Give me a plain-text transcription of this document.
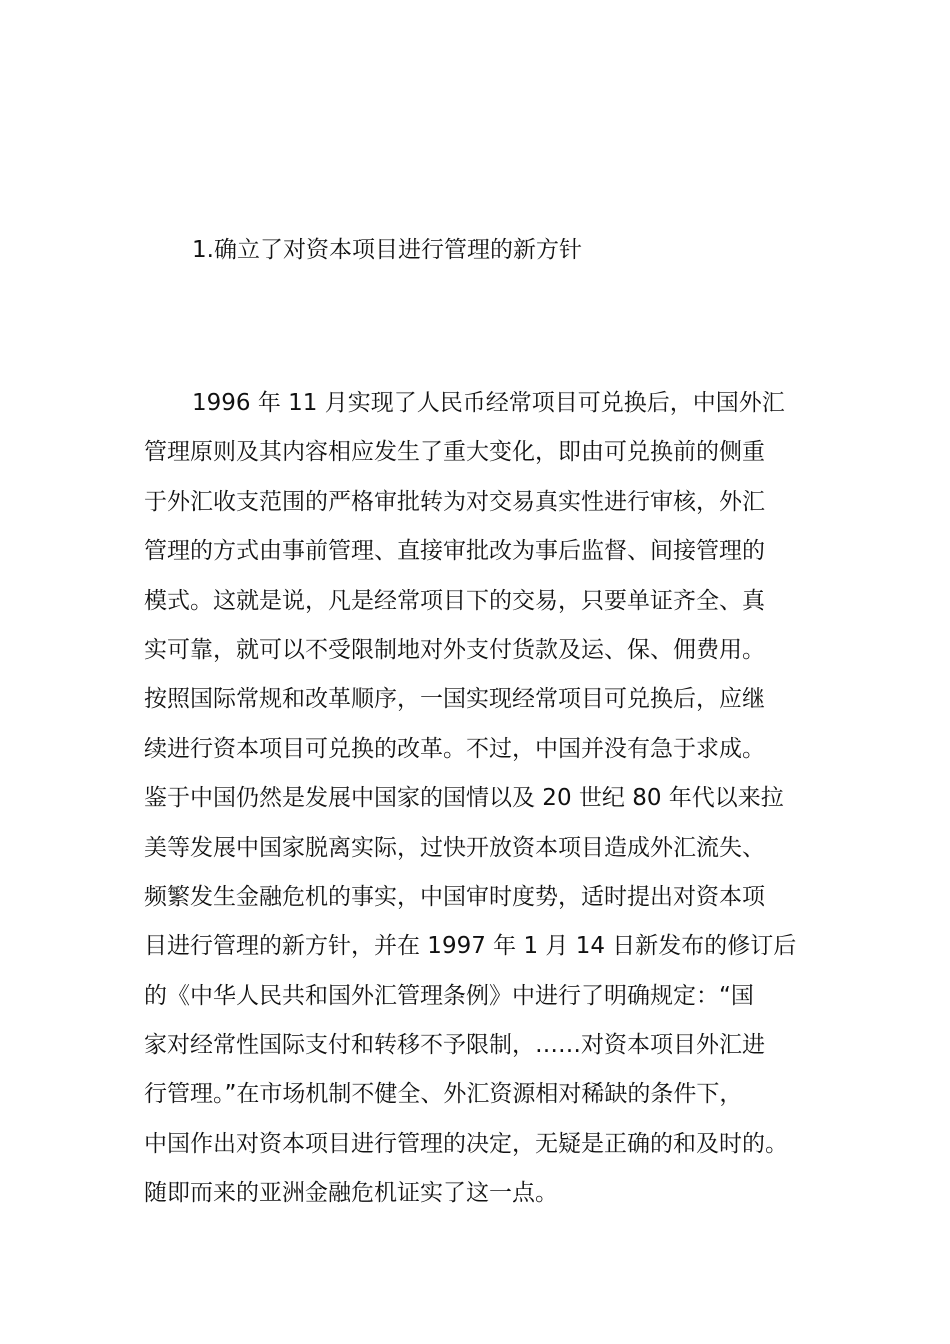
1.确立了对资本项目进行管理的新方针
1996 年 11 月实现了人民币经常项目可兑换后，中国外汇
管理原则及其内容相应发生了重大变化，即由可兑换前的侧重
于外汇收支范围的严格审批转为对交易真实性进行审核，外汇
管理的方式由事前管理、直接审批改为事后监督、间接管理的
模式。这就是说，凡是经常项目下的交易，只要单证齐全、真
实可靠，就可以不受限制地对外支付货款及运、保、佣费用。
按照国际常规和改革顺序，一国实现经常项目可兑换后，应继
续进行资本项目可兑换的改革。不过，中国并没有急于求成。
鉴于中国仍然是发展中国家的国情以及 20 世纪 80 年代以来拉
美等发展中国家脱离实际，过快开放资本项目造成外汇流失、
频繁发生金融危机的事实，中国审时度势，适时提出对资本项
目进行管理的新方针，并在 1997 年 1 月 14 日新发布的修订后
的《中华人民共和国外汇管理条例》中进行了明确规定：“国
家对经常性国际支付和转移不予限制，……对资本项目外汇进
行管理。”在市场机制不健全、外汇资源相对稀缺的条件下，
中国作出对资本项目进行管理的决定，无疑是正确的和及时的。
随即而来的亚洲金融危机证实了这一点。
